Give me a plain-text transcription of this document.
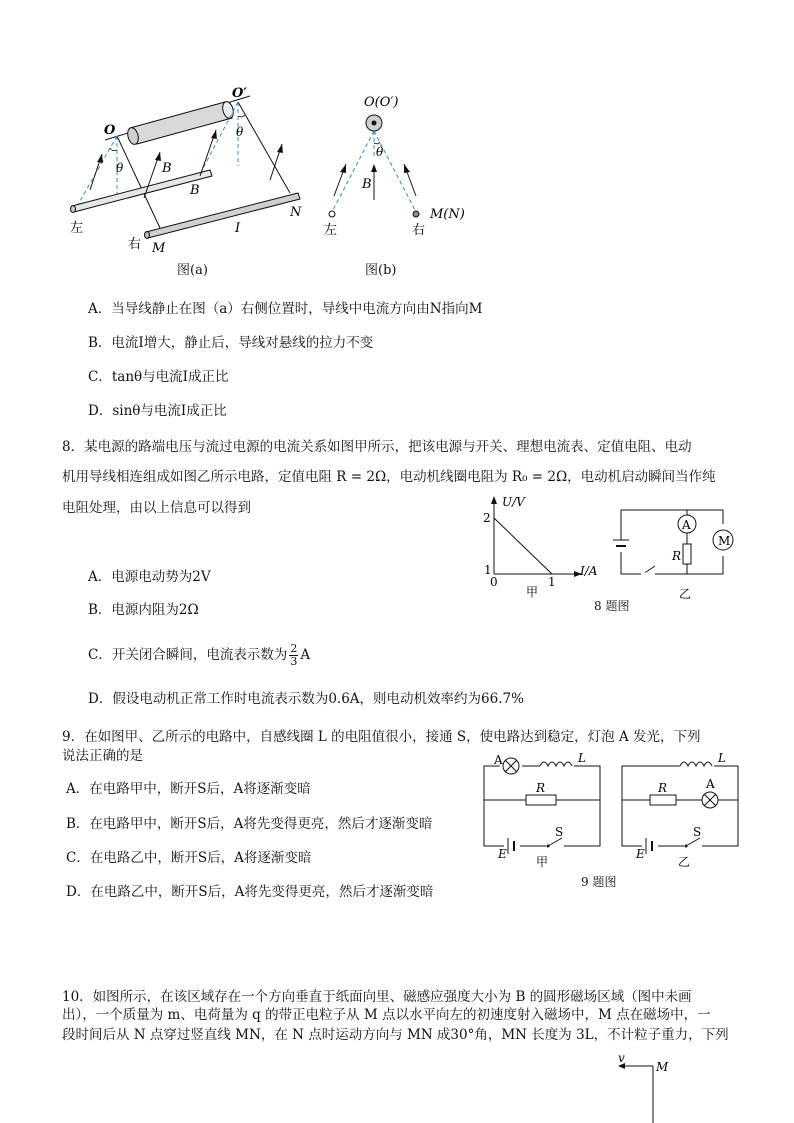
O
O′
θ
θ
B
B
N
M
I
左
右
图(a)
O(O′)
θ
B
M(N)
左	右
图(b)
A．当导线静止在图（a）右侧位置时，导线中电流方向由N指向M
B．电流I增大，静止后，导线对悬线的拉力不变
C．tanθ与电流I成正比
D．sinθ与电流I成正比
8．某电源的路端电压与流过电源的电流关系如图甲所示，把该电源与开关、理想电流表、定值电阻、电动
机用导线相连组成如图乙所示电路，定值电阻 R = 2Ω，电动机线圈电阻为 R₀ = 2Ω，电动机启动瞬间当作纯
电阻处理，由以上信息可以得到
A．电源电动势为2V
B．电源内阻为2Ω
C．开关闭合瞬间，电流表示数为 $\frac{2}{3}$ A
D．假设电动机正常工作时电流表示数为0.6A，则电动机效率约为66.7%
U/V
I/A
2
1
0	1
甲
A
R
M
乙
8 题图
9．在如图甲、乙所示的电路中，自感线圈 L 的电阻值很小，接通 S，使电路达到稳定，灯泡 A 发光，下列
说法正确的是
A．在电路甲中，断开S后，A将逐渐变暗
B．在电路甲中，断开S后，A将先变得更亮，然后才逐渐变暗
C．在电路乙中，断开S后，A将逐渐变暗
D．在电路乙中，断开S后，A将先变得更亮，然后才逐渐变暗
A	L
R
E
S
甲
L
R	A
E
S
乙
9 题图
10．如图所示，在该区域存在一个方向垂直于纸面向里、磁感应强度大小为 B 的圆形磁场区域（图中未画
出），一个质量为 m、电荷量为 q 的带正电粒子从 M 点以水平向左的初速度射入磁场中，M 点在磁场中，一
段时间后从 N 点穿过竖直线 MN，在 N 点时运动方向与 MN 成30°角，MN 长度为 3L，不计粒子重力，下列
v
M
